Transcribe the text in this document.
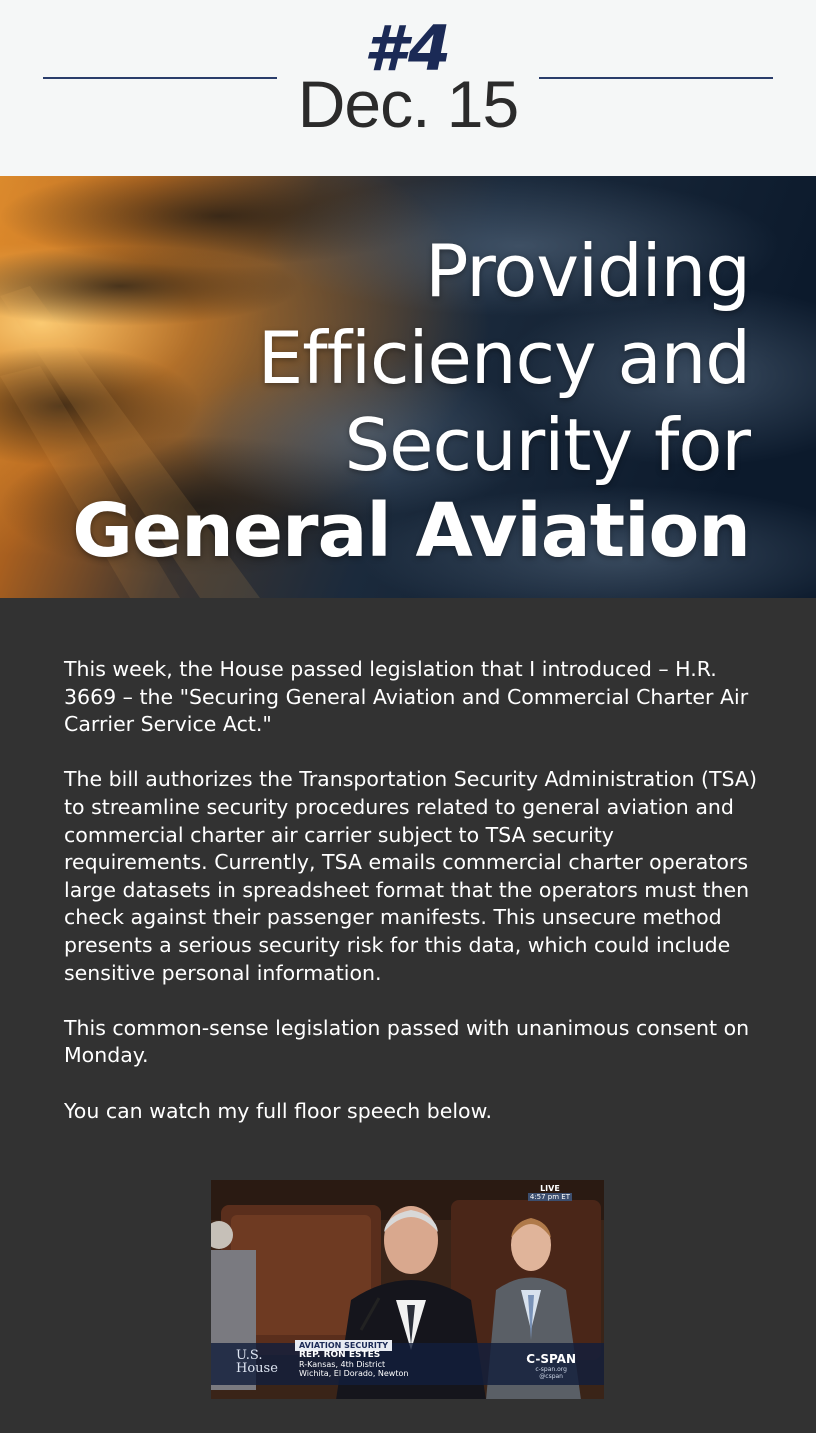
#4
Dec. 15
Providing
Efficiency and
Security for
General Aviation

This week, the House passed legislation that I introduced – H.R. 3669 – the "Securing General Aviation and Commercial Charter Air Carrier Service Act."

The bill authorizes the Transportation Security Administration (TSA) to streamline security procedures related to general aviation and commercial charter air carrier subject to TSA security requirements. Currently, TSA emails commercial charter operators large datasets in spreadsheet format that the operators must then check against their passenger manifests. This unsecure method presents a serious security risk for this data, which could include sensitive personal information.

This common-sense legislation passed with unanimous consent on Monday.

You can watch my full floor speech below.

LIVE
4:57 pm ET
U.S. House
AVIATION SECURITY
REP. RON ESTES
R-Kansas, 4th District
Wichita, El Dorado, Newton
C-SPAN
c-span.org
@cspan
